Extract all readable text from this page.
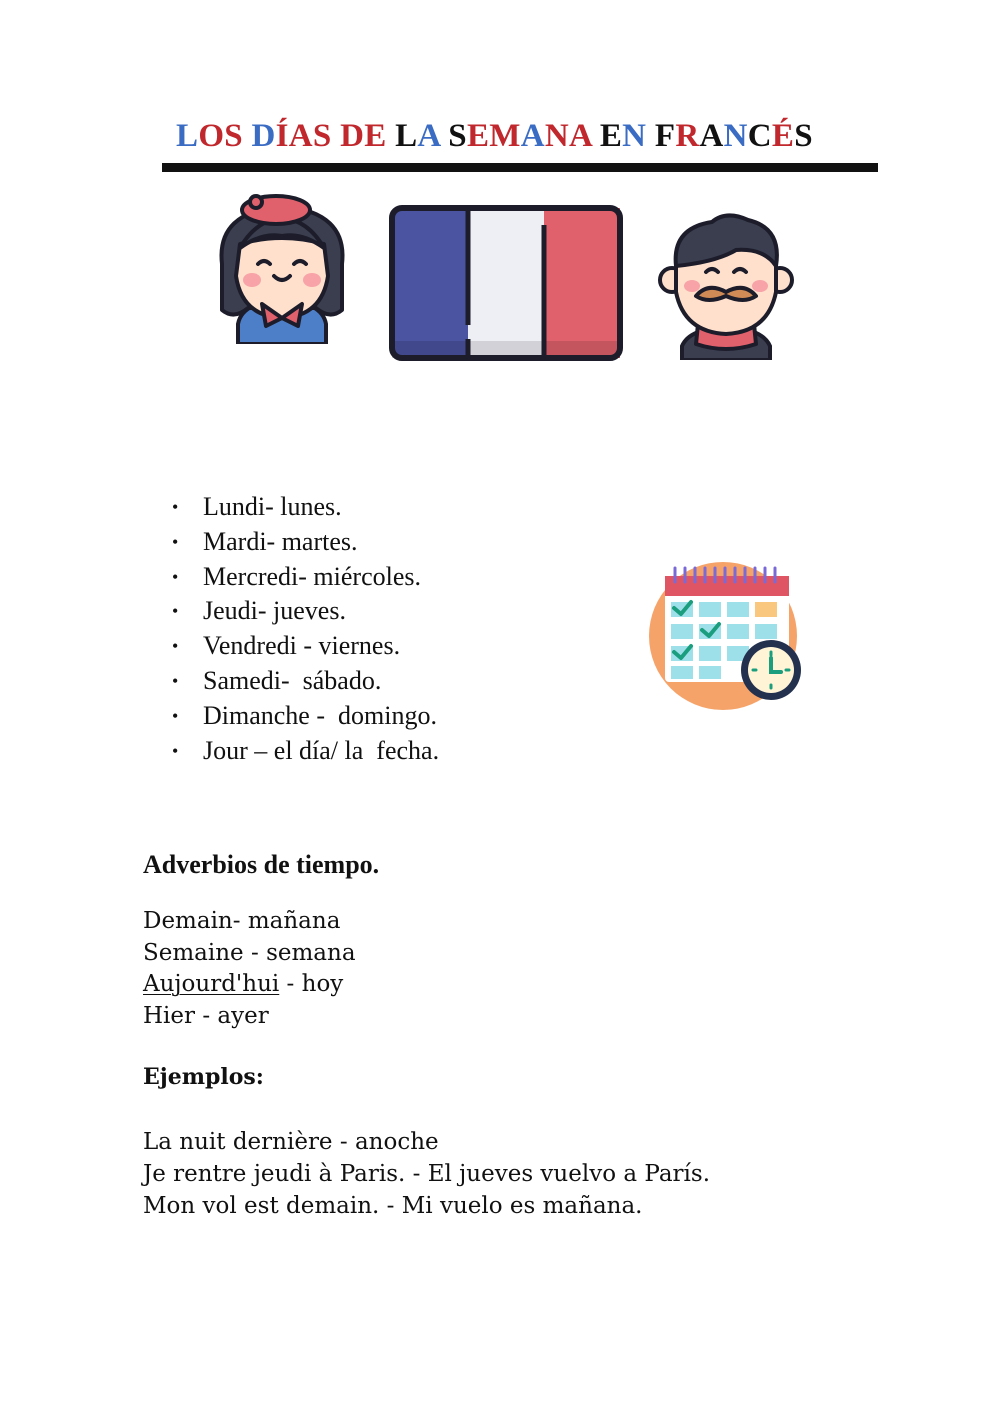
LOS DÍAS DE LA SEMANA EN FRANCÉS
• Lundi- lunes.
• Mardi- martes.
• Mercredi- miércoles.
• Jeudi- jueves.
• Vendredi - viernes.
• Samedi-  sábado.
• Dimanche -  domingo.
• Jour – el día/ la  fecha.
Adverbios de tiempo.
Demain- mañana
Semaine - semana
Aujourd'hui - hoy
Hier - ayer
Ejemplos:
La nuit dernière - anoche
Je rentre jeudi à Paris. - El jueves vuelvo a París.
Mon vol est demain. - Mi vuelo es mañana.
